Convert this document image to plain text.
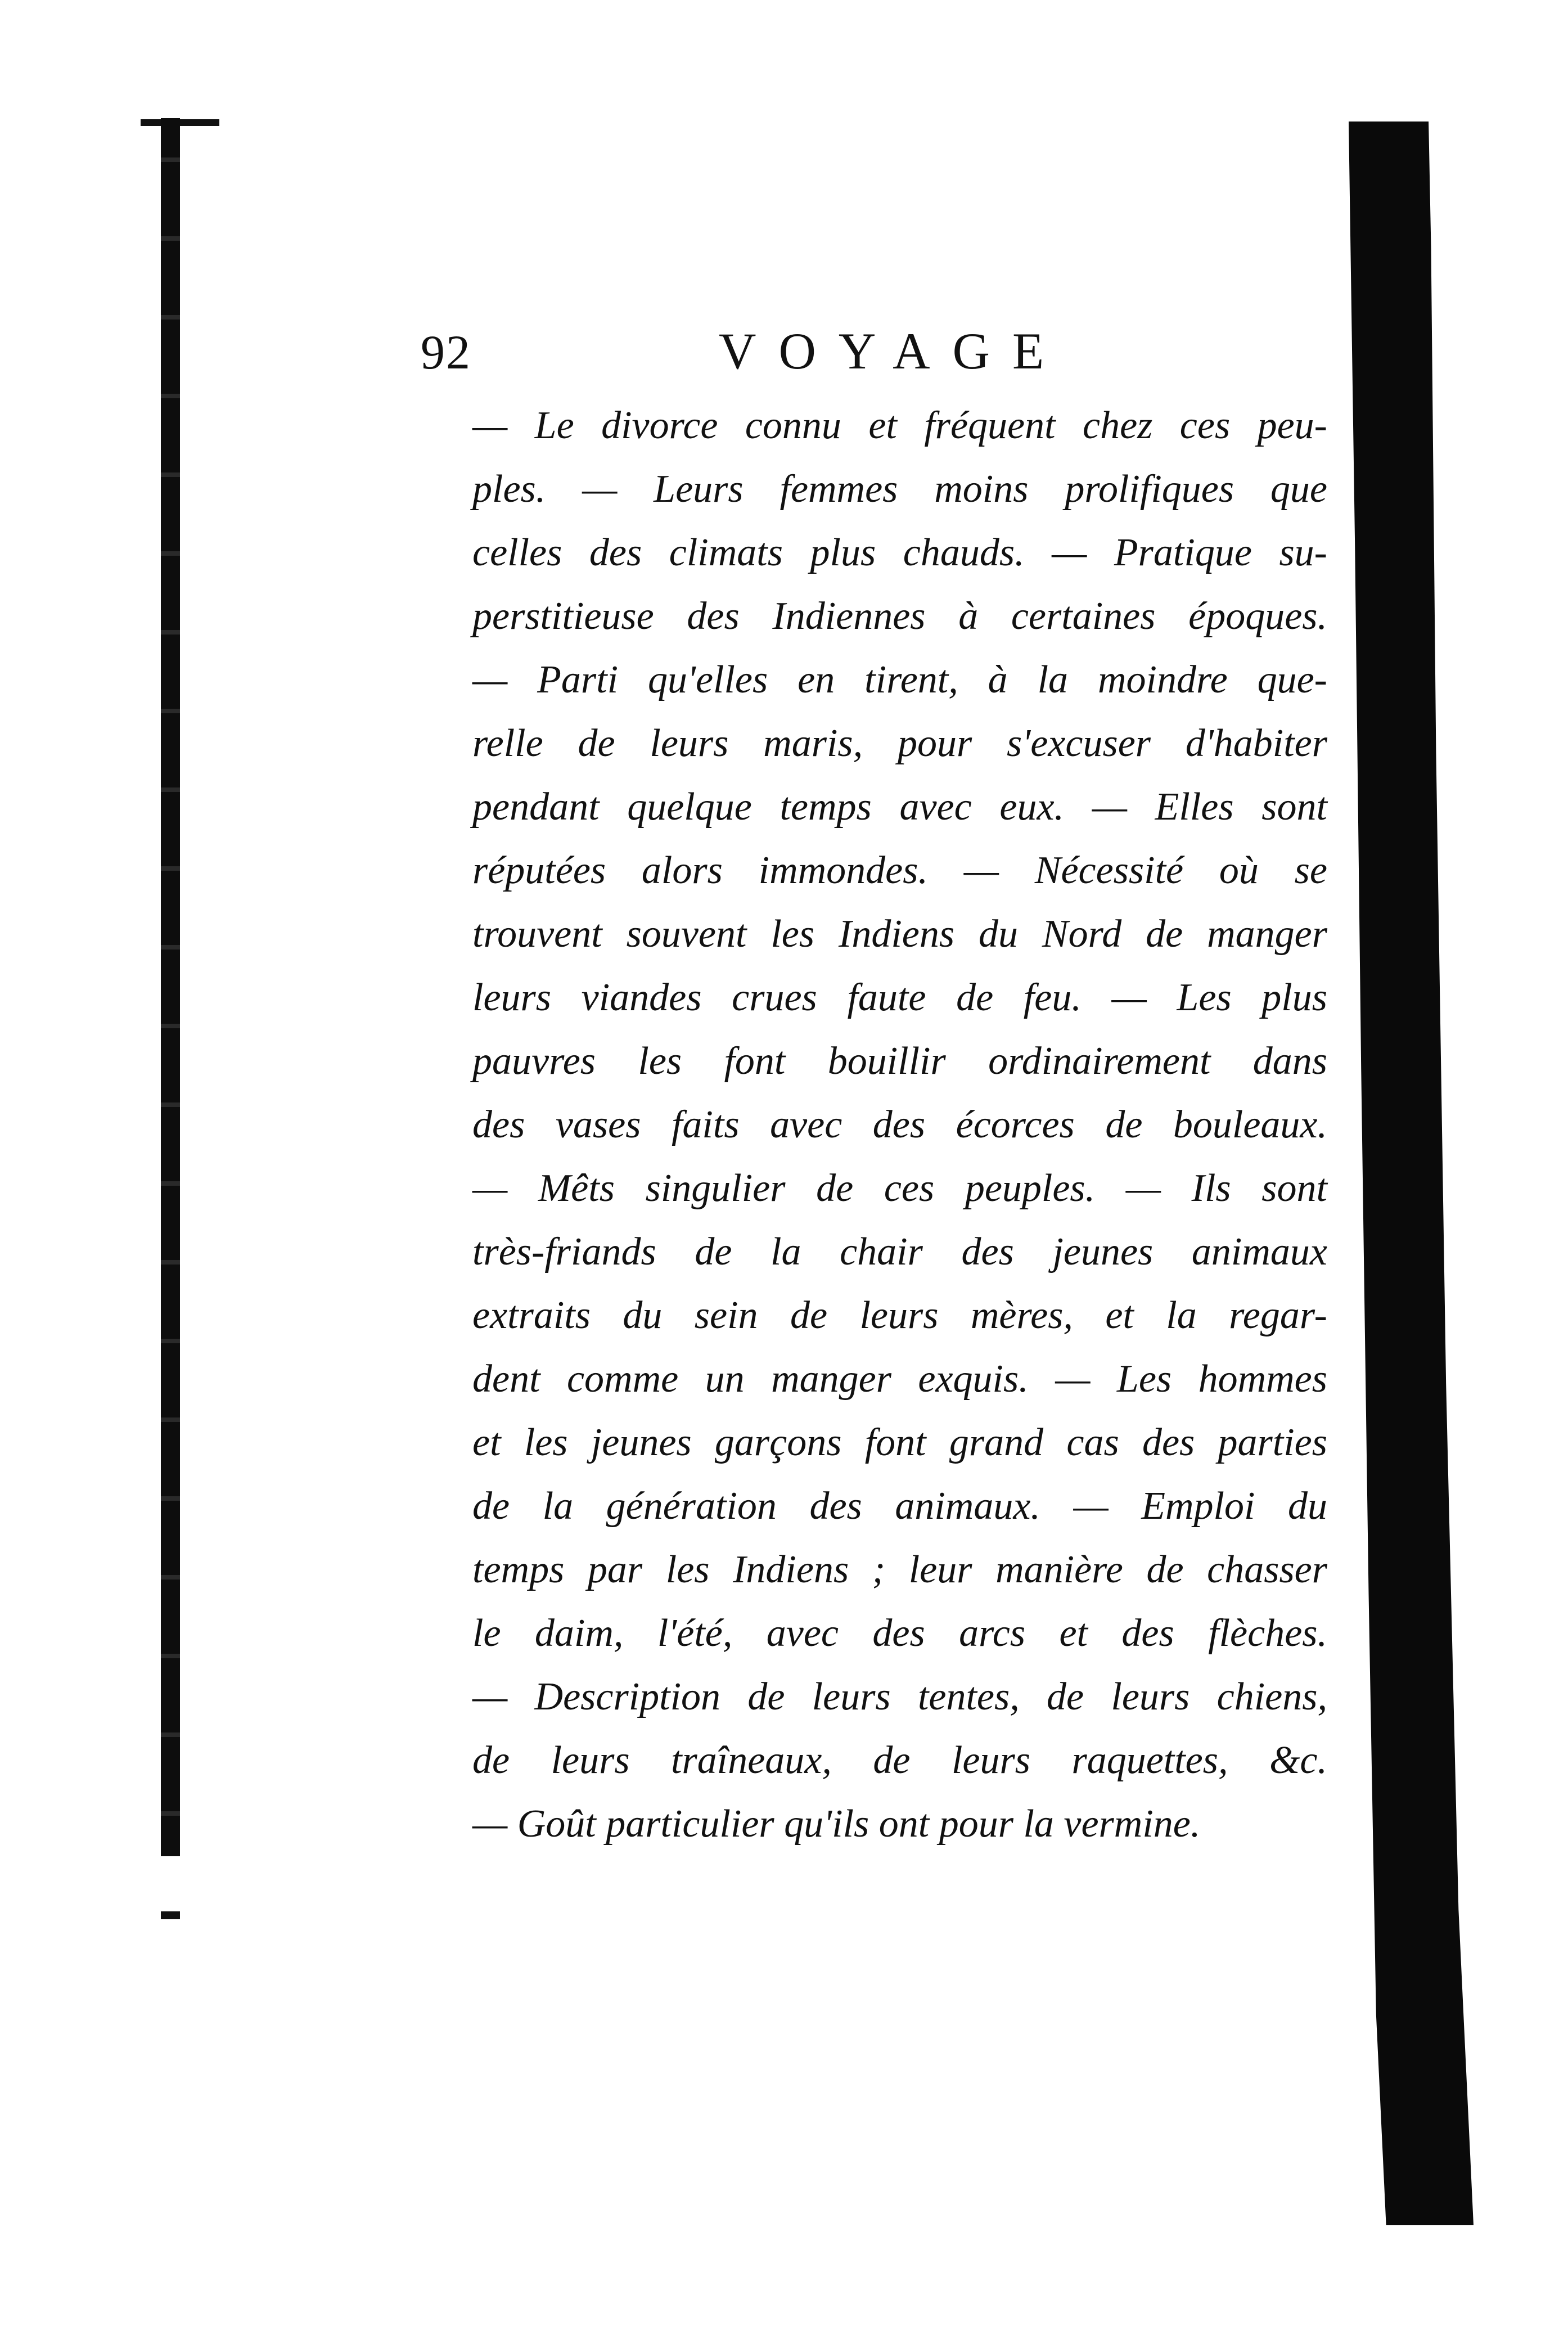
92	VOYAGE
— Le divorce connu et fréquent chez ces peu-
ples. — Leurs femmes moins prolifiques que
celles des climats plus chauds. — Pratique su-
perstitieuse des Indiennes à certaines époques.
— Parti qu'elles en tirent, à la moindre que-
relle de leurs maris, pour s'excuser d'habiter
pendant quelque temps avec eux. — Elles sont
réputées alors immondes. — Nécessité où se
trouvent souvent les Indiens du Nord de manger
leurs viandes crues faute de feu. — Les plus
pauvres les font bouillir ordinairement dans
des vases faits avec des écorces de bouleaux.
— Mêts singulier de ces peuples. — Ils sont
très-friands de la chair des jeunes animaux
extraits du sein de leurs mères, et la regar-
dent comme un manger exquis. — Les hommes
et les jeunes garçons font grand cas des parties
de la génération des animaux. — Emploi du
temps par les Indiens ; leur manière de chasser
le daim, l'été, avec des arcs et des flèches.
— Description de leurs tentes, de leurs chiens,
de leurs traîneaux, de leurs raquettes, &c.
— Goût particulier qu'ils ont pour la vermine.
